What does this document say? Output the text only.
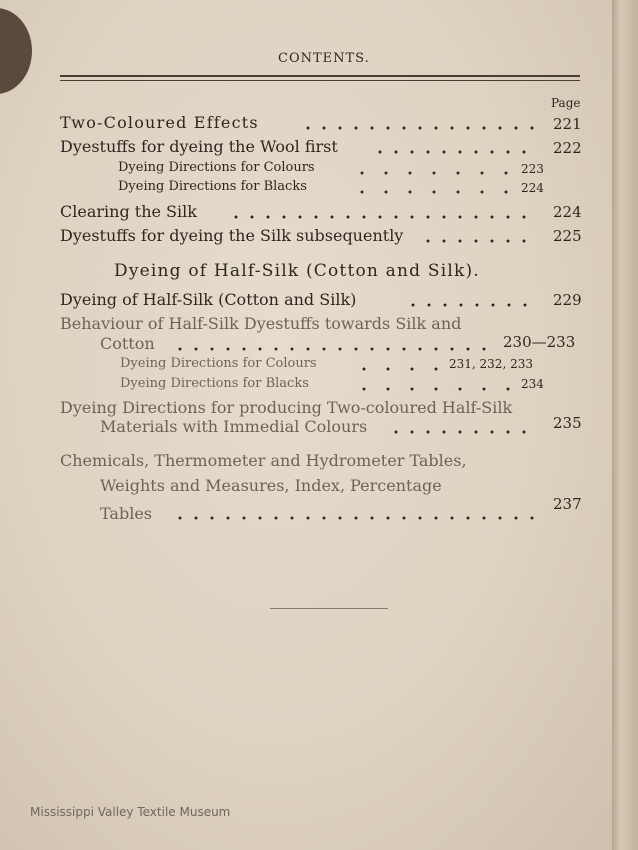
CONTENTS.
Page
Two-Coloured Effects	221
Dyestuffs for dyeing the Wool first	222
Dyeing Directions for Colours	223
Dyeing Directions for Blacks	224
Clearing the Silk	224
Dyestuffs for dyeing the Silk subsequently	225
Dyeing of Half-Silk (Cotton and Silk).
Dyeing of Half-Silk (Cotton and Silk)	229
Behaviour of Half-Silk Dyestuffs towards Silk and
Cotton	230—233
Dyeing Directions for Colours	231, 232, 233
Dyeing Directions for Blacks	234
Dyeing Directions for producing Two-coloured Half-Silk
Materials with Immedial Colours	235
Chemicals, Thermometer and Hydrometer Tables,
Weights and Measures, Index, Percentage
Tables	237
Mississippi Valley Textile Museum
